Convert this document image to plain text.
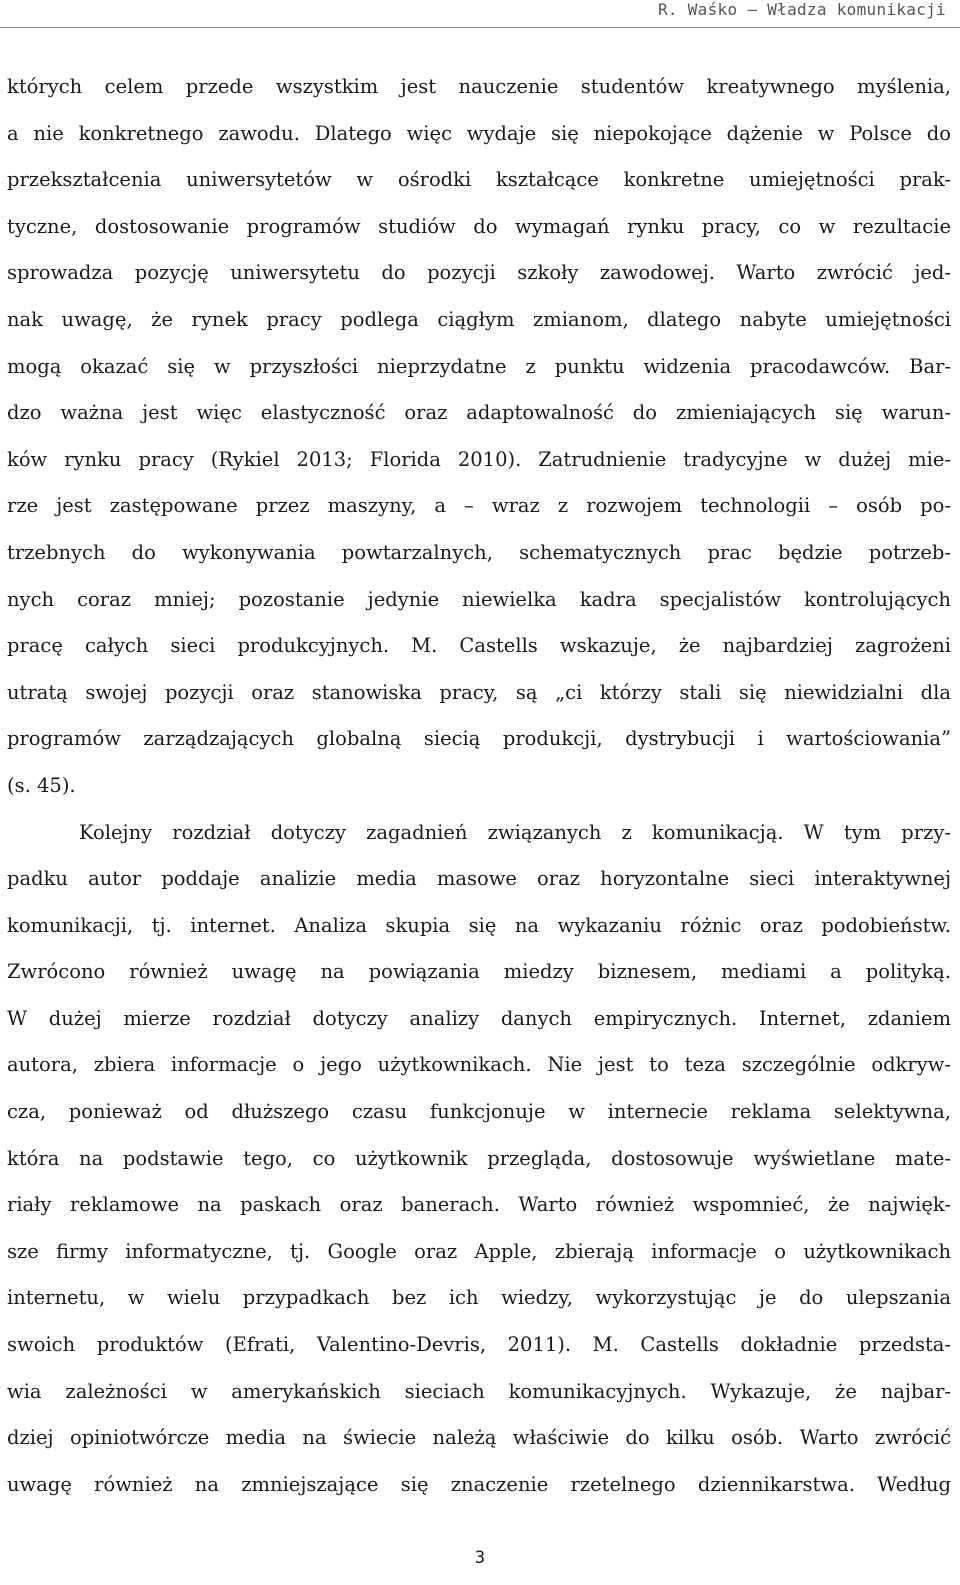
R. Waśko – Władza komunikacji
których celem przede wszystkim jest nauczenie studentów kreatywnego myślenia,
a nie konkretnego zawodu. Dlatego więc wydaje się niepokojące dążenie w Polsce do
przekształcenia uniwersytetów w ośrodki kształcące konkretne umiejętności prak-
tyczne, dostosowanie programów studiów do wymagań rynku pracy, co w rezultacie
sprowadza pozycję uniwersytetu do pozycji szkoły zawodowej. Warto zwrócić jed-
nak uwagę, że rynek pracy podlega ciągłym zmianom, dlatego nabyte umiejętności
mogą okazać się w przyszłości nieprzydatne z punktu widzenia pracodawców. Bar-
dzo ważna jest więc elastyczność oraz adaptowalność do zmieniających się warun-
ków rynku pracy (Rykiel 2013; Florida 2010). Zatrudnienie tradycyjne w dużej mie-
rze jest zastępowane przez maszyny, a – wraz z rozwojem technologii – osób po-
trzebnych do wykonywania powtarzalnych, schematycznych prac będzie potrzeb-
nych coraz mniej; pozostanie jedynie niewielka kadra specjalistów kontrolujących
pracę całych sieci produkcyjnych. M. Castells wskazuje, że najbardziej zagrożeni
utratą swojej pozycji oraz stanowiska pracy, są „ci którzy stali się niewidzialni dla
programów zarządzających globalną siecią produkcji, dystrybucji i wartościowania”
(s. 45).
Kolejny rozdział dotyczy zagadnień związanych z komunikacją. W tym przy-
padku autor poddaje analizie media masowe oraz horyzontalne sieci interaktywnej
komunikacji, tj. internet. Analiza skupia się na wykazaniu różnic oraz podobieństw.
Zwrócono również uwagę na powiązania miedzy biznesem, mediami a polityką.
W dużej mierze rozdział dotyczy analizy danych empirycznych. Internet, zdaniem
autora, zbiera informacje o jego użytkownikach. Nie jest to teza szczególnie odkryw-
cza, ponieważ od dłuższego czasu funkcjonuje w internecie reklama selektywna,
która na podstawie tego, co użytkownik przegląda, dostosowuje wyświetlane mate-
riały reklamowe na paskach oraz banerach. Warto również wspomnieć, że najwięk-
sze firmy informatyczne, tj. Google oraz Apple, zbierają informacje o użytkownikach
internetu, w wielu przypadkach bez ich wiedzy, wykorzystując je do ulepszania
swoich produktów (Efrati, Valentino-Devris, 2011). M. Castells dokładnie przedsta-
wia zależności w amerykańskich sieciach komunikacyjnych. Wykazuje, że najbar-
dziej opiniotwórcze media na świecie należą właściwie do kilku osób. Warto zwrócić
uwagę również na zmniejszające się znaczenie rzetelnego dziennikarstwa. Według
3
